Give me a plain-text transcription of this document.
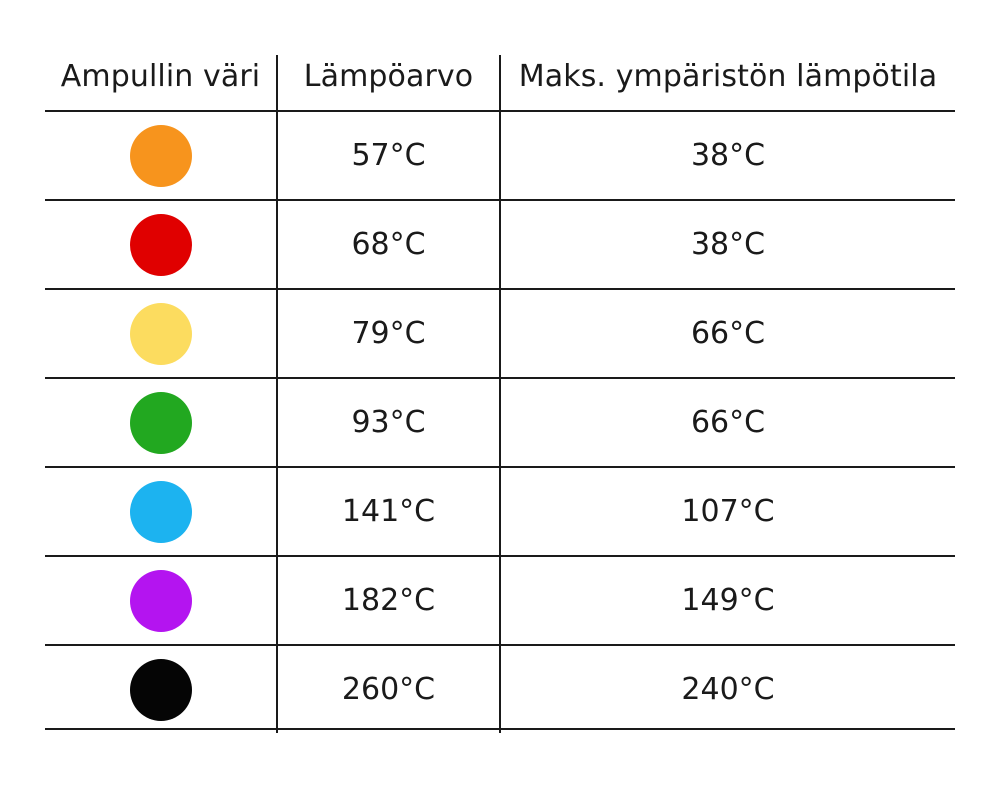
Ampullin väri	Lämpöarvo	Maks. ympäristön lämpötila
	57°C	38°C
	68°C	38°C
	79°C	66°C
	93°C	66°C
	141°C	107°C
	182°C	149°C
	260°C	240°C
